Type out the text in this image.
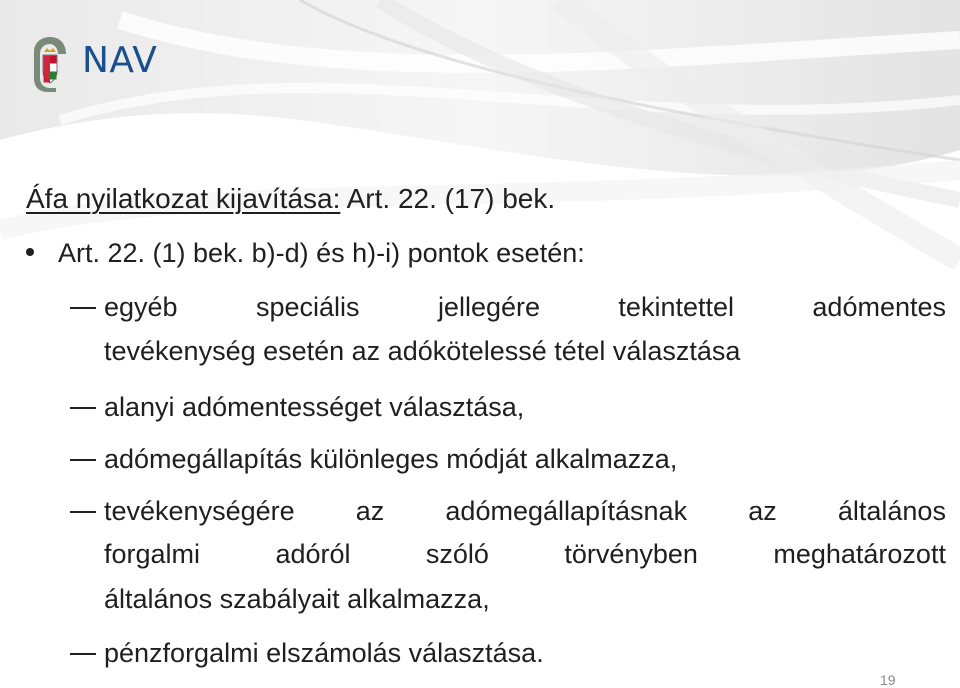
NAV
Áfa nyilatkozat kijavítása: Art. 22. (17) bek.
Art. 22. (1) bek. b)-d) és h)-i) pontok esetén:
egyéb	speciális	jellegére	tekintettel	adómentes
tevékenység esetén az adókötelessé tétel választása
alanyi adómentességet választása,
adómegállapítás különleges módját alkalmazza,
tevékenységére az adómegállapításnak az általános
forgalmi	adóról	szóló	törvényben	meghatározott
általános szabályait alkalmazza,
pénzforgalmi elszámolás választása.
19
